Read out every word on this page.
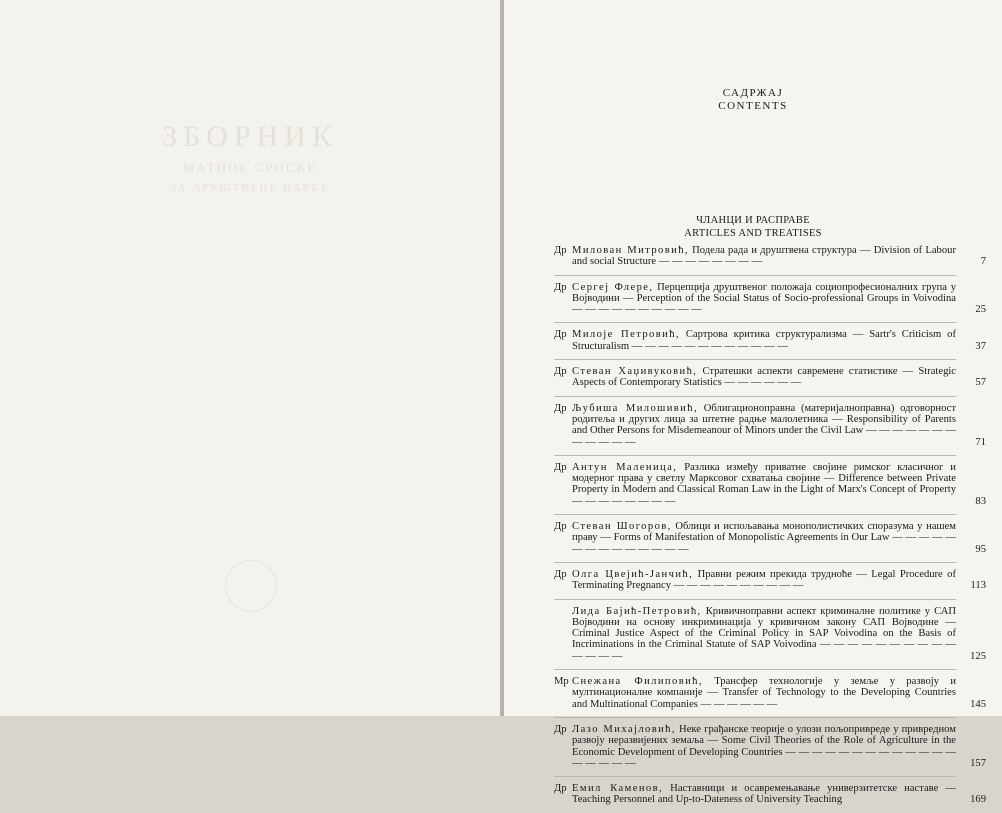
ЗБОРНИК
МАТИЦЕ СРПСКЕ
ЗА ДРУШТВЕНЕ НАУКЕ
САДРЖАЈ
CONTENTS
ЧЛАНЦИ И РАСПРАВЕ
ARTICLES AND TREATISES
Др Милован Митровић, Подела рада и друштвена структура — Division of Labour and social Structure — — — — — — — —	7
Др Сергеј Флере, Перцепција друштвеног положаја социопрофесионалних група у Војводини — Perception of the Social Status of Socio-professional Groups in Voivodina — — — — — — — — — —	25
Др Милоје Петровић, Сартрова критика структурализма — Sartr's Criticism of Structuralism — — — — — — — — — — — —	37
Др Стеван Хаџивуковић, Стратешки аспекти савремене статистике — Strategic Aspects of Contemporary Statistics — — — — — —	57
Др Љубиша Милошивић, Облигационоправна (материјалноправна) одговорност родитеља и других лица за штетне радње малолетника — Responsibility of Parents and Other Persons for Misdemeanour of Minors under the Civil Law — — — — — — — — — — — —	71
Др Антун Маленица, Разлика између приватне својине римског класичног и модерног права у светлу Марксовог схватања својине — Difference between Private Property in Modern and Classical Roman Law in the Light of Marx's Concept of Property — — — — — — — —	83
Др Стеван Шогоров, Облици и испољавања монополистичких споразума у нашем праву — Forms of Manifestation of Monopolistic Agreements in Our Law — — — — — — — — — — — — — —	95
Др Олга Цвејић-Јанчић, Правни режим прекида трудноће — Legal Procedure of Terminating Pregnancy — — — — — — — — — —	113
Лида Бајић-Петровић, Кривичноправни аспект криминалне политике у САП Војводини на основу инкриминација у кривичном закону САП Војводине — Criminal Justice Aspect of the Criminal Policy in SAP Voivodina on the Basis of Incriminations in the Criminal Statute of SAP Voivodina — — — — — — — — — — — — — —	125
Мр Снежана Филиповић, Трансфер технологије у земље у развоју и мултинационалне компаније — Transfer of Technology to the Developing Countries and Multinational Companies — — — — — —	145
Др Лазо Михајловић, Неке грађанске теорије о улози пољопривреде у привредном развоју неразвијених земаља — Some Civil Theories of the Role of Agriculture in the Economic Development of Developing Countries — — — — — — — — — — — — — — — — — —	157
Др Емил Каменов, Наставници и осавремењавање универзитетске наставе — Teaching Personnel and Up-to-Dateness of University Teaching	169
